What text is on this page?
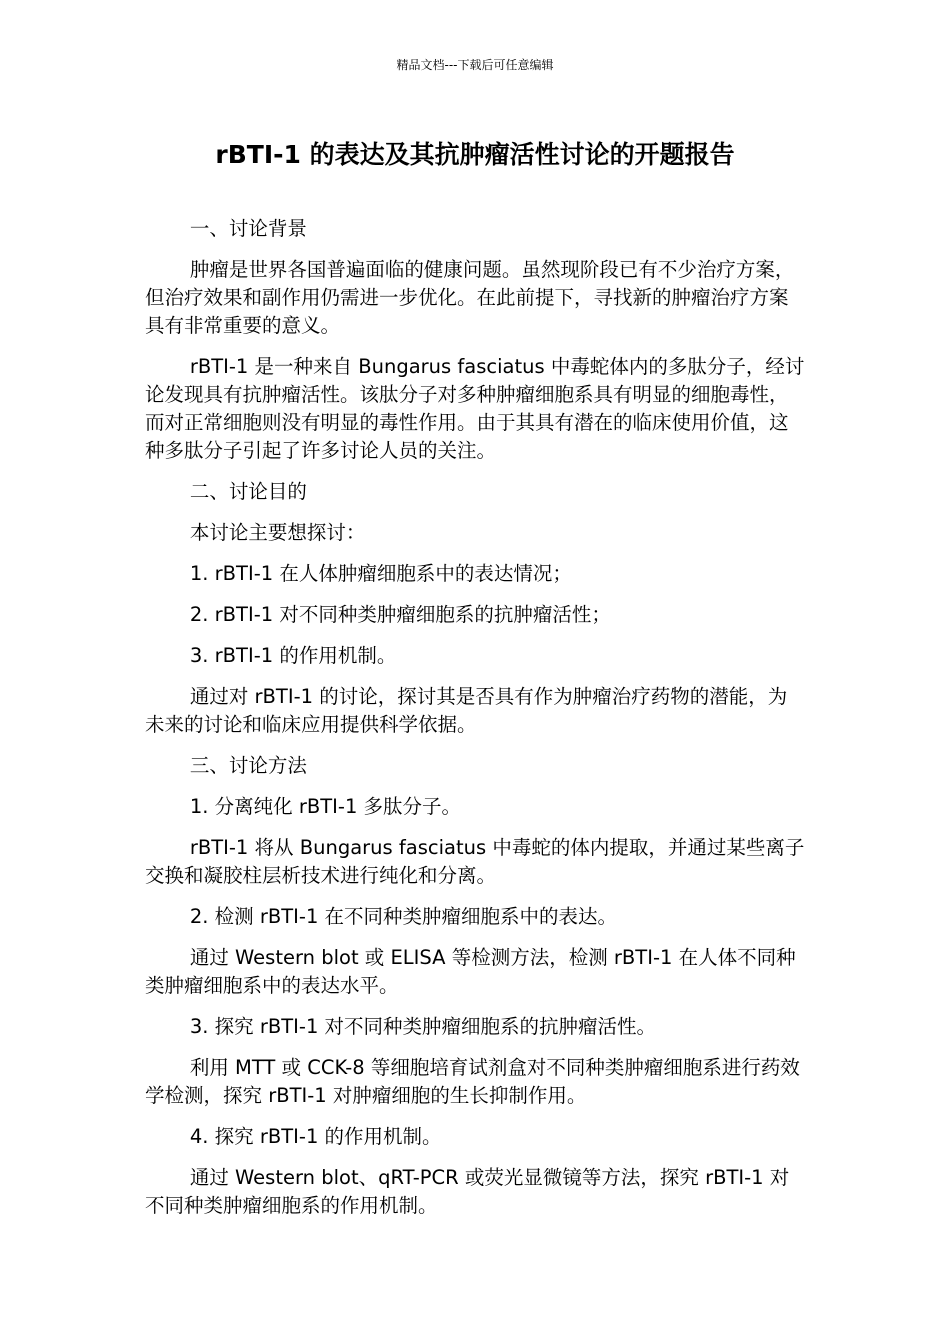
精品文档---下载后可任意编辑
rBTI-1 的表达及其抗肿瘤活性讨论的开题报告

一、讨论背景

肿瘤是世界各国普遍面临的健康问题。虽然现阶段已有不少治疗方案，但治疗效果和副作用仍需进一步优化。在此前提下，寻找新的肿瘤治疗方案具有非常重要的意义。

rBTI-1 是一种来自 Bungarus fasciatus 中毒蛇体内的多肽分子，经讨论发现具有抗肿瘤活性。该肽分子对多种肿瘤细胞系具有明显的细胞毒性，而对正常细胞则没有明显的毒性作用。由于其具有潜在的临床使用价值，这种多肽分子引起了许多讨论人员的关注。

二、讨论目的

本讨论主要想探讨：

1. rBTI-1 在人体肿瘤细胞系中的表达情况；

2. rBTI-1 对不同种类肿瘤细胞系的抗肿瘤活性；

3. rBTI-1 的作用机制。

通过对 rBTI-1 的讨论，探讨其是否具有作为肿瘤治疗药物的潜能，为未来的讨论和临床应用提供科学依据。

三、讨论方法

1. 分离纯化 rBTI-1 多肽分子。

rBTI-1 将从 Bungarus fasciatus 中毒蛇的体内提取，并通过某些离子交换和凝胶柱层析技术进行纯化和分离。

2. 检测 rBTI-1 在不同种类肿瘤细胞系中的表达。

通过 Western blot 或 ELISA 等检测方法，检测 rBTI-1 在人体不同种类肿瘤细胞系中的表达水平。

3. 探究 rBTI-1 对不同种类肿瘤细胞系的抗肿瘤活性。

利用 MTT 或 CCK-8 等细胞培育试剂盒对不同种类肿瘤细胞系进行药效学检测，探究 rBTI-1 对肿瘤细胞的生长抑制作用。

4. 探究 rBTI-1 的作用机制。

通过 Western blot、qRT-PCR 或荧光显微镜等方法，探究 rBTI-1 对不同种类肿瘤细胞系的作用机制。
